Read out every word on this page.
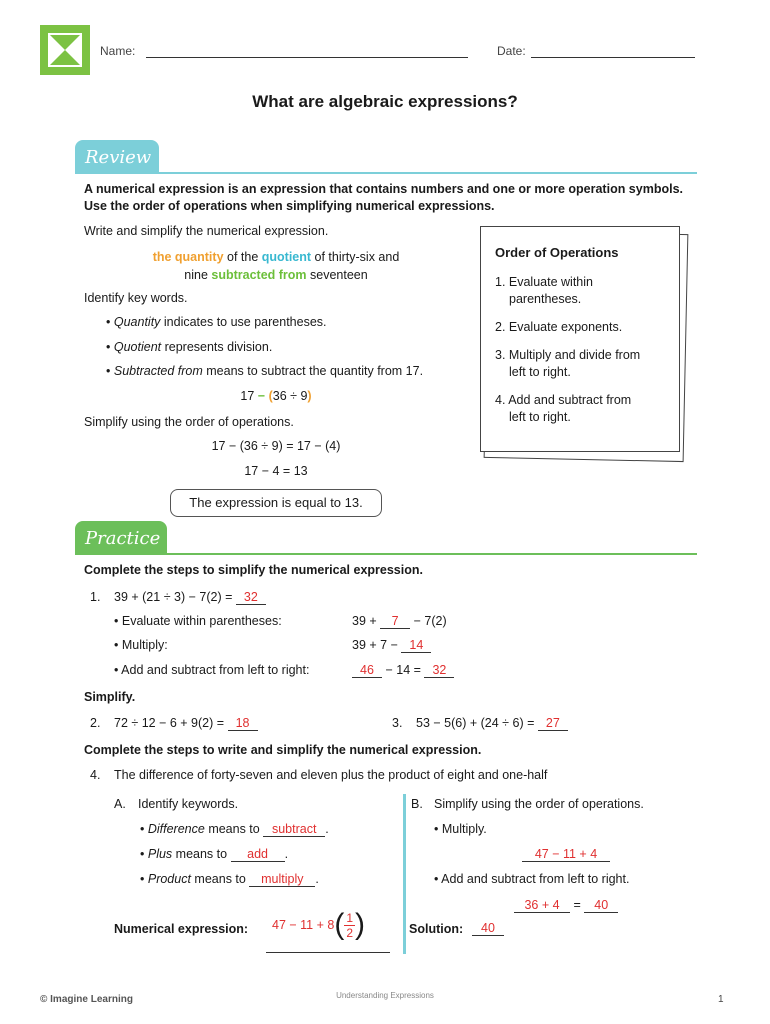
Name:	Date:
What are algebraic expressions?
Review
A numerical expression is an expression that contains numbers and one or more operation symbols. Use the order of operations when simplifying numerical expressions.
Write and simplify the numerical expression.
the quantity of the quotient of thirty-six and
nine subtracted from seventeen
Identify key words.
• Quantity indicates to use parentheses.
• Quotient represents division.
• Subtracted from means to subtract the quantity from 17.
17 − (36 ÷ 9)
Simplify using the order of operations.
17 − (36 ÷ 9) = 17 − (4)
17 − 4 = 13
The expression is equal to 13.
Order of Operations
1. Evaluate within
parentheses.
2. Evaluate exponents.
3. Multiply and divide from
left to right.
4. Add and subtract from
left to right.
Practice
Complete the steps to simplify the numerical expression.
1. 39 + (21 ÷ 3) − 7(2) = 32
• Evaluate within parentheses:	39 + 7 − 7(2)
• Multiply:	39 + 7 − 14
• Add and subtract from left to right:	46 − 14 = 32
Simplify.
2. 72 ÷ 12 − 6 + 9(2) = 18	3. 53 − 5(6) + (24 ÷ 6) = 27
Complete the steps to write and simplify the numerical expression.
4. The difference of forty-seven and eleven plus the product of eight and one-half
A. Identify keywords.
• Difference means to subtract .
• Plus means to add .
• Product means to multiply .
Numerical expression: $47 - 11 + 8( \frac{1}{2}$ )
B. Simplify using the order of operations.
• Multiply.
47 − 11 + 4
• Add and subtract from left to right.
36 + 4 = 40
Solution:	40
© Imagine Learning	Understanding Expressions	1
